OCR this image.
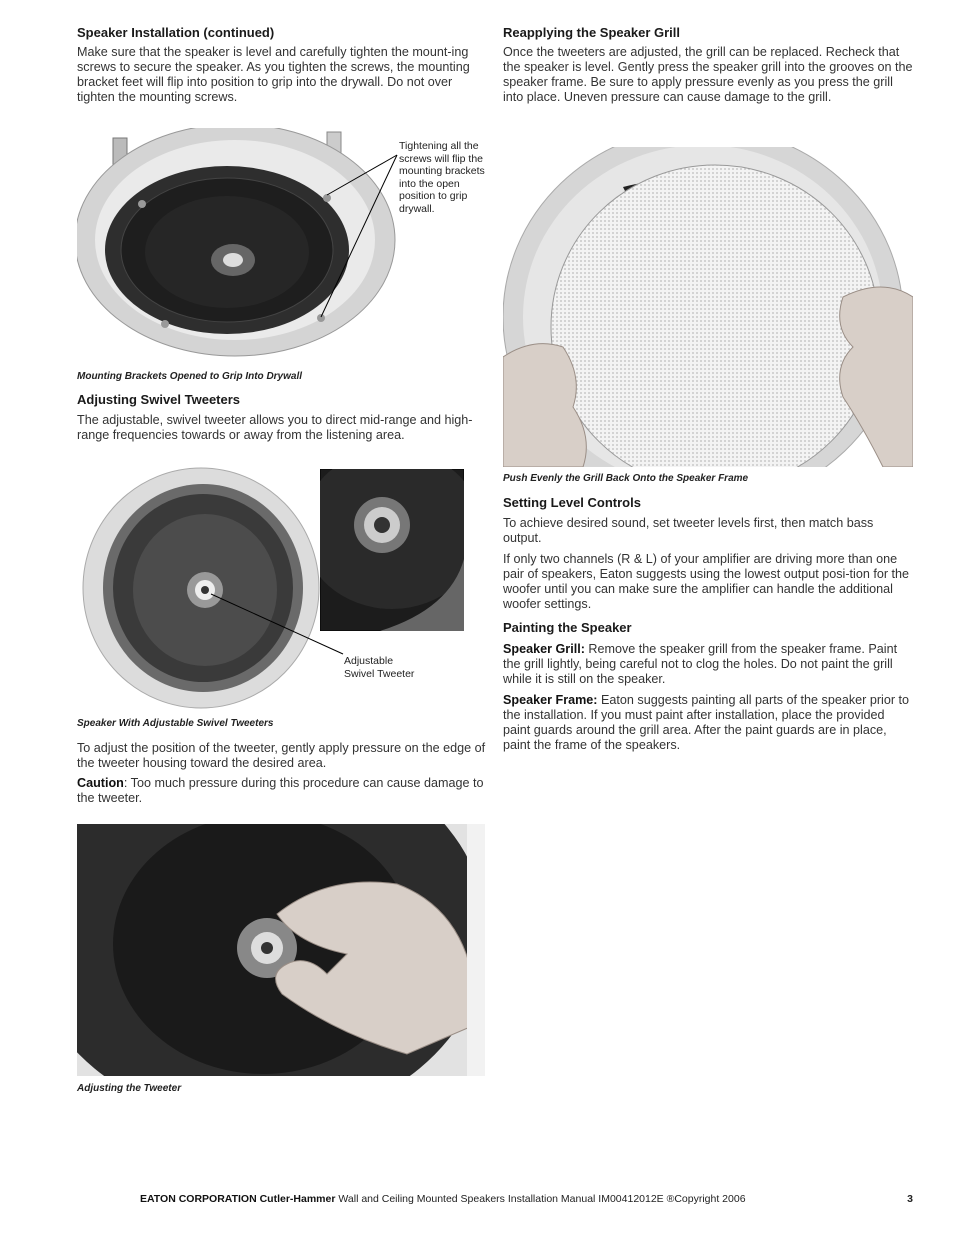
Speaker Installation (continued)

Make sure that the speaker is level and carefully tighten the mount-ing screws to secure the speaker. As you tighten the screws, the mounting bracket feet will flip into position to grip into the drywall. Do not over tighten the mounting screws.

Tightening all the screws will flip the mounting brackets into the open position to grip drywall.
Mounting Brackets Opened to Grip Into Drywall
Adjusting Swivel Tweeters

The adjustable, swivel tweeter allows you to direct mid-range and high-range frequencies towards or away from the listening area.

Adjustable
Swivel Tweeter
Speaker With Adjustable Swivel Tweeters

To adjust the position of the tweeter, gently apply pressure on the edge of the tweeter housing toward the desired area.

Caution: Too much pressure during this procedure can cause damage to the tweeter.

Adjusting the Tweeter
Reapplying the Speaker Grill

Once the tweeters are adjusted, the grill can be replaced. Recheck that the speaker is level. Gently press the speaker grill into the grooves on the speaker frame. Be sure to apply pressure evenly as you press the grill into place. Uneven pressure can cause damage to the grill.

Push Evenly the Grill Back Onto the Speaker Frame
Setting Level Controls

To achieve desired sound, set tweeter levels first, then match bass output.

If only two channels (R & L) of your amplifier are driving more than one pair of speakers, Eaton suggests using the lowest output posi-tion for the woofer until you can make sure the amplifier can handle the additional woofer settings.

Painting the Speaker

Speaker Grill: Remove the speaker grill from the speaker frame. Paint the grill lightly, being careful not to clog the holes. Do not paint the grill while it is still on the speaker.

Speaker Frame: Eaton suggests painting all parts of the speaker prior to the installation. If you must paint after installation, place the provided paint guards around the grill area. After the paint guards are in place, paint the frame of the speakers.

EATON CORPORATION Cutler-Hammer Wall and Ceiling Mounted Speakers Installation Manual IM00412012E ®Copyright 2006	3
